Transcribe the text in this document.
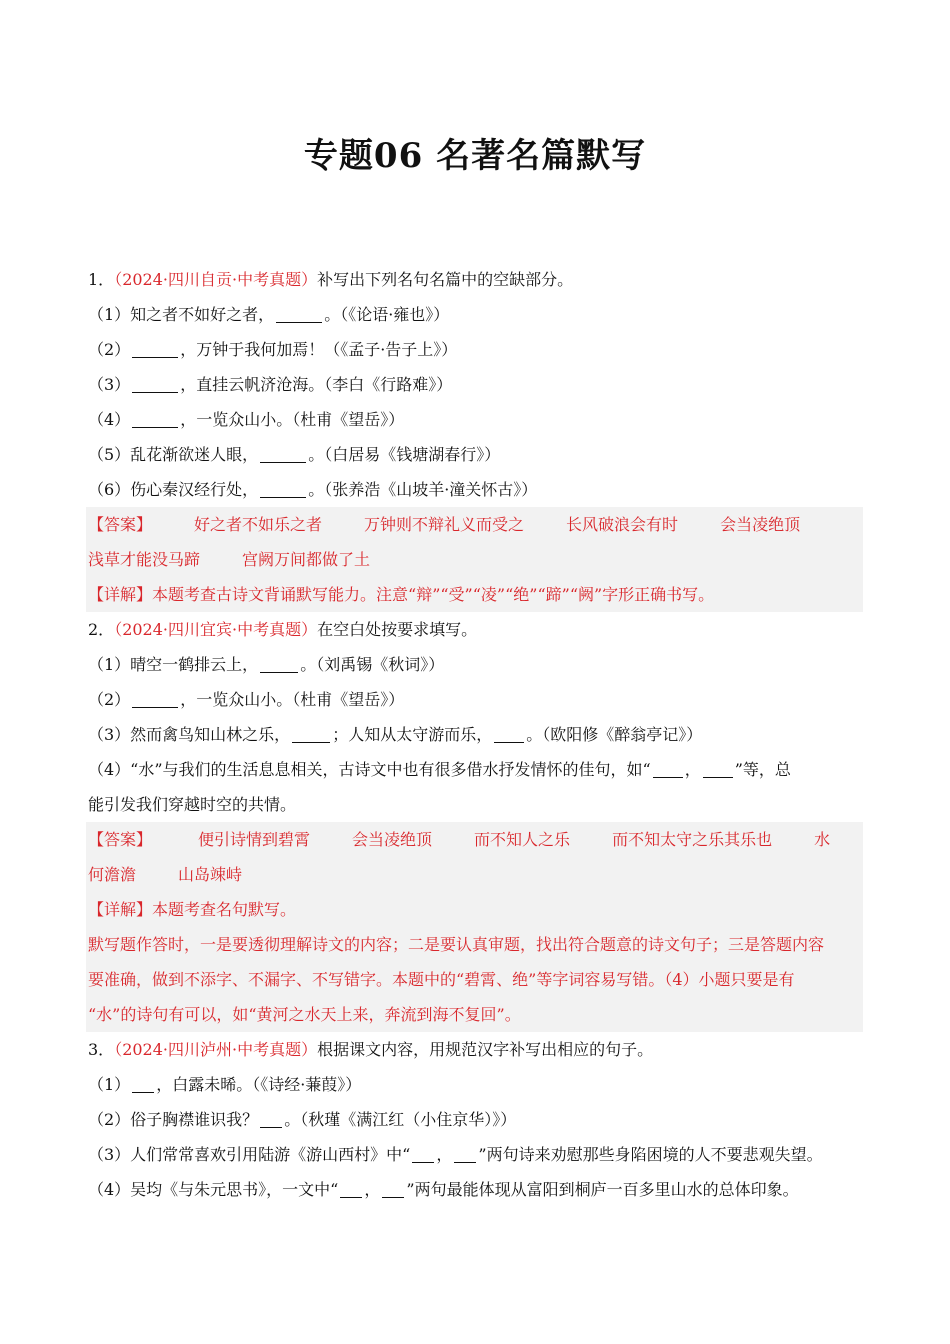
专题06 名著名篇默写
1．（2024·四川自贡·中考真题）补写出下列名句名篇中的空缺部分。
（1）知之者不如好之者，	。（《论语·雍也》）
（2）	，万钟于我何加焉！（《孟子·告子上》）
（3）	，直挂云帆济沧海。（李白《行路难》）
（4）	，一览众山小。（杜甫《望岳》）
（5）乱花渐欲迷人眼，	。（白居易《钱塘湖春行》）
（6）伤心秦汉经行处，	。（张养浩《山坡羊·潼关怀古》）
【答案】	好之者不如乐之者	万钟则不辩礼义而受之	长风破浪会有时	会当凌绝顶
浅草才能没马蹄	宫阙万间都做了土
【详解】本题考查古诗文背诵默写能力。注意“辩”“受”“凌”“绝”“蹄”“阙”字形正确书写。
2．（2024·四川宜宾·中考真题）在空白处按要求填写。
（1）晴空一鹤排云上，	。（刘禹锡《秋词》）
（2）	，一览众山小。（杜甫《望岳》）
（3）然而禽鸟知山林之乐，	；人知从太守游而乐， 。（欧阳修《醉翁亭记》）
（4）“水”与我们的生活息息相关，古诗文中也有很多借水抒发情怀的佳句，如“ ， ”等，总
能引发我们穿越时空的共情。
【答案】	便引诗情到碧霄	会当凌绝顶	而不知人之乐	而不知太守之乐其乐也	水
何澹澹	山岛竦峙
【详解】本题考查名句默写。
默写题作答时，一是要透彻理解诗文的内容；二是要认真审题，找出符合题意的诗文句子；三是答题内容
要准确，做到不添字、不漏字、不写错字。本题中的“碧霄、绝”等字词容易写错。（4）小题只要是有
“水”的诗句有可以，如“黄河之水天上来，奔流到海不复回”。
3．（2024·四川泸州·中考真题）根据课文内容，用规范汉字补写出相应的句子。
（1） ，白露未晞。（《诗经·蒹葭》）
（2）俗子胸襟谁识我？ 。（秋瑾《满江红（小住京华）》）
（3）人们常常喜欢引用陆游《游山西村》中“ ， ”两句诗来劝慰那些身陷困境的人不要悲观失望。
（4）吴均《与朱元思书》，一文中“ ， ”两句最能体现从富阳到桐庐一百多里山水的总体印象。
